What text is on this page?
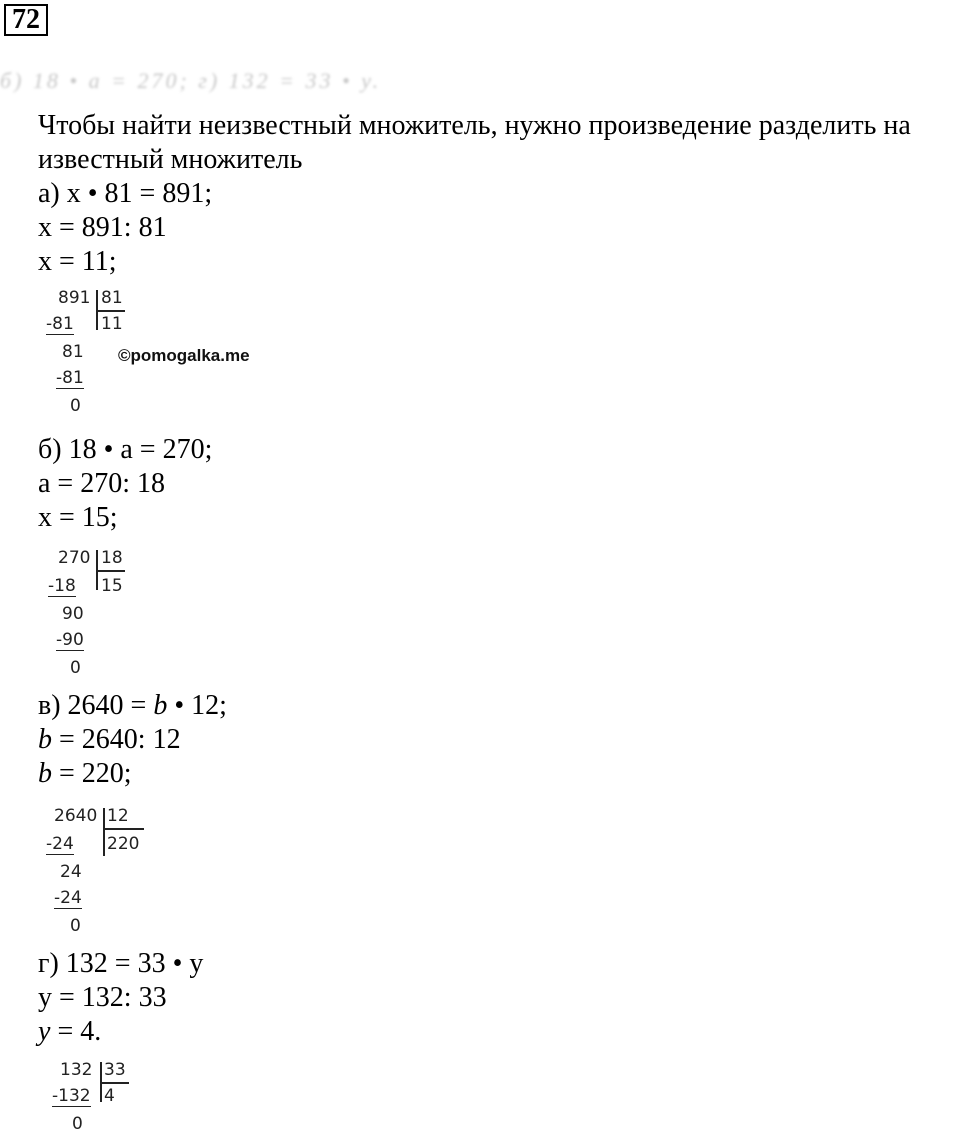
72
б) 18 • а = 270; г) 132 = 33 • у.
Чтобы найти неизвестный множитель, нужно произведение разделить на
известный множитель
а) x • 81 = 891;
x = 891: 81
x = 11;
891 81
11
-81
81
-81
0
©pomogalka.me
б) 18 • а = 270;
а = 270: 18
x = 15;
270 18
15
-18
90
-90
0
в) 2640 = b • 12;
b = 2640: 12
b = 220;
2640 12
220
-24
24
-24
0
г) 132 = 33 • у
у = 132: 33
y = 4.
132 33
4
-132
0
